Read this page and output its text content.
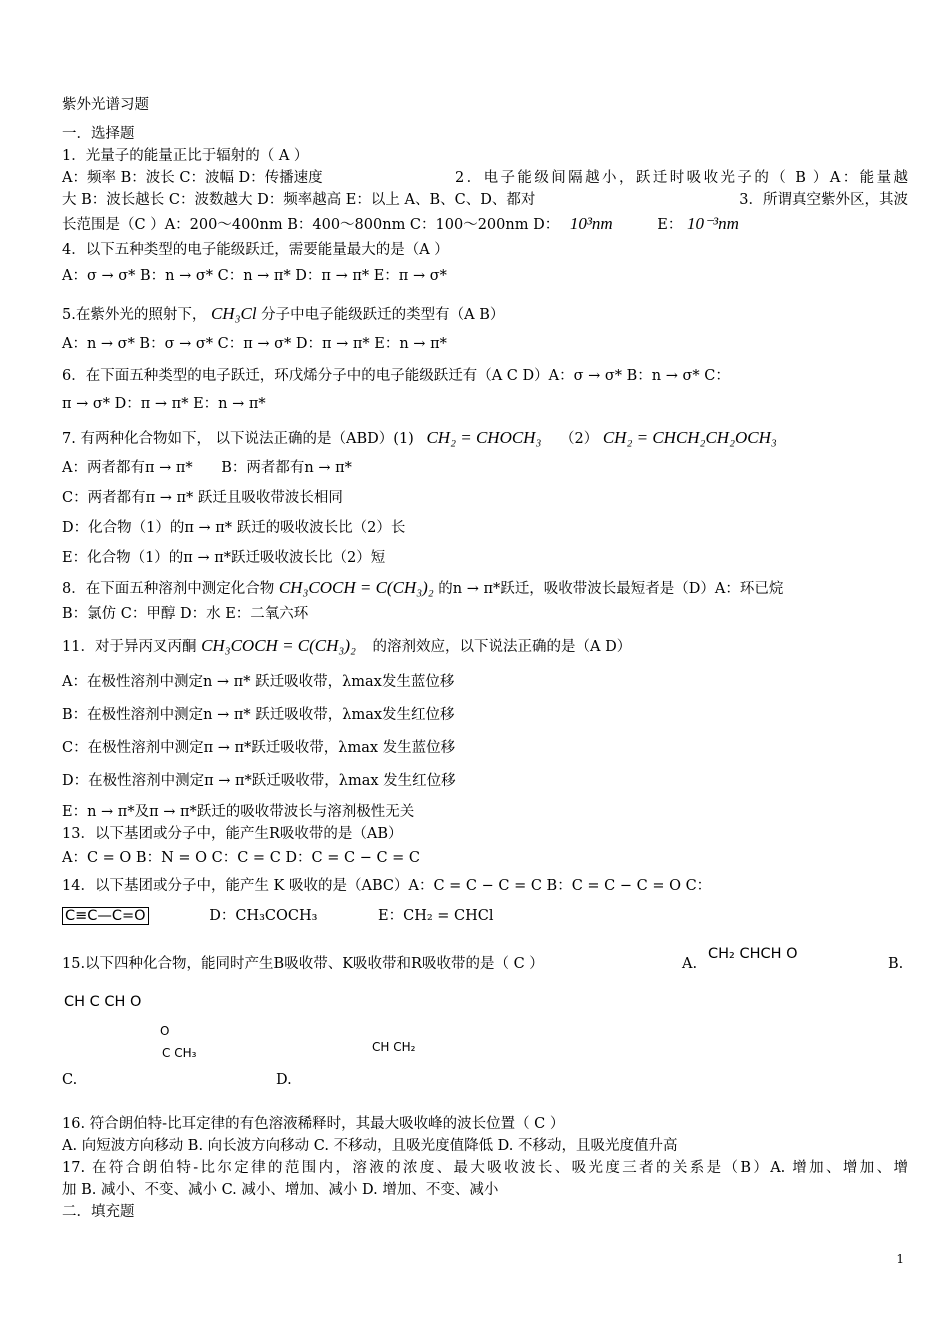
紫外光谱习题
一．选择题
1．光量子的能量正比于辐射的（ A ）
A：频率 B：波长 C：波幅 D：传播速度	2．电子能级间隔越小，跃迁时吸收光子的（ B ）A：能量越
大 B：波长越长 C：波数越大 D：频率越高 E：以上 A、B、C、D、都对	3．所谓真空紫外区，其波
长范围是（C ）A：200～400nm B：400～800nm C：100～200nm D： 10³nm	E： 10⁻³nm
4．以下五种类型的电子能级跃迁，需要能量最大的是（A ）
A：σ → σ* B：n → σ* C：n → π* D：π → π* E：π → σ*
5.在紫外光的照射下， CH₃Cl 分子中电子能级跃迁的类型有（A B）
A：n → σ* B：σ → σ* C：π → σ* D：π → π* E：n → π*
6．在下面五种类型的电子跃迁，环戊烯分子中的电子能级跃迁有（A C D）A：σ → σ* B：n → σ* C：
π → σ* D：π → π* E：n → π*
7. 有两种化合物如下， 以下说法正确的是（ABD）(1) CH₂ = CHOCH₃ （2） CH₂ = CHCH₂CH₂OCH₃
A：两者都有π → π* B：两者都有n → π*
C：两者都有π → π* 跃迁且吸收带波长相同
D：化合物（1）的π → π* 跃迁的吸收波长比（2）长
E：化合物（1）的π → π*跃迁吸收波长比（2）短
8．在下面五种溶剂中测定化合物 CH₃COCH = C(CH₃)₂ 的n → π*跃迁，吸收带波长最短者是（D）A：环已烷
B：氯仿 C：甲醇 D：水 E：二氧六环
11．对于异丙叉丙酮 CH₃COCH = C(CH₃)₂ 的溶剂效应，以下说法正确的是（A D）
A：在极性溶剂中测定n → π* 跃迁吸收带，λmax发生蓝位移
B：在极性溶剂中测定n → π* 跃迁吸收带，λmax发生红位移
C：在极性溶剂中测定π → π*跃迁吸收带，λmax 发生蓝位移
D：在极性溶剂中测定π → π*跃迁吸收带，λmax 发生红位移
E：n → π*及π → π*跃迁的吸收带波长与溶剂极性无关
13．以下基团或分子中，能产生R吸收带的是（AB）
A：C = O B：N = O C：C = C D：C = C − C = C
14．以下基团或分子中，能产生 K 吸收的是（ABC）A：C = C − C = C B：C = C − C = O C：
C≡C—C=O	D：CH₃COCH₃	E：CH₂ = CHCl
15.以下四种化合物，能同时产生B吸收带、K吸收带和R吸收带的是（ C ）
CH₂ CHCH O
A.	B.
CH C CH O
O
C CH₃	CH CH₂
C.	D.
16. 符合朗伯特-比耳定律的有色溶液稀释时，其最大吸收峰的波长位置（ C ）
A. 向短波方向移动 B. 向长波方向移动 C. 不移动，且吸光度值降低 D. 不移动，且吸光度值升高
17. 在符合朗伯特-比尔定律的范围内，溶液的浓度、最大吸收波长、吸光度三者的关系是（B）A. 增加、增加、增
加 B. 减小、不变、减小 C. 减小、增加、减小 D. 增加、不变、减小
二．填充题
1
